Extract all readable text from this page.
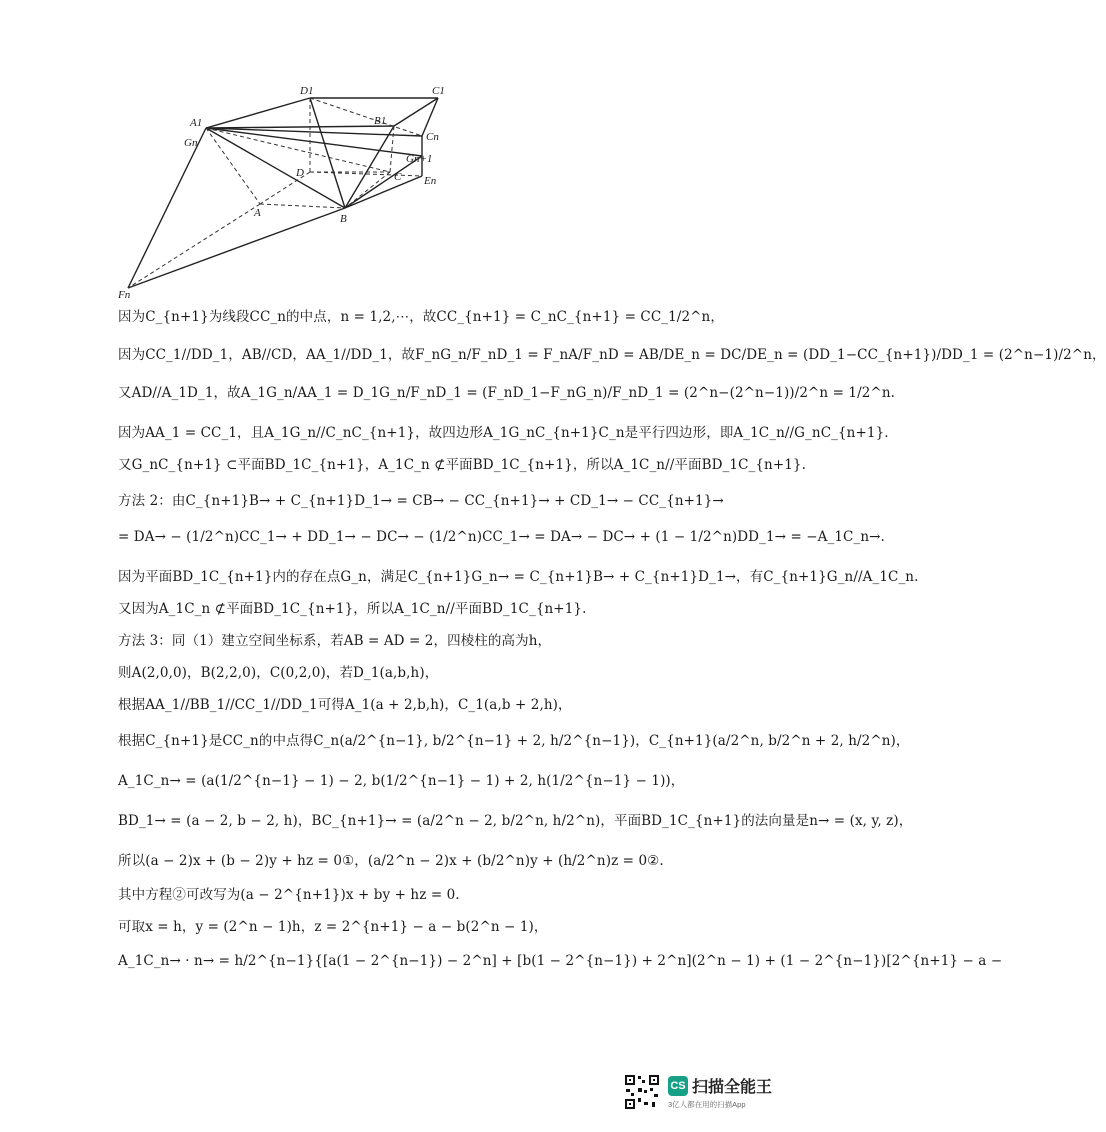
D1	C1
A1	B1
Gn	Cn
Gn+1
D	C En
A	B
Fn
因为C_{n+1}为线段CC_n的中点，n = 1,2,⋯，故CC_{n+1} = C_nC_{n+1} = CC_1/2^n，
因为CC_1//DD_1，AB//CD，AA_1//DD_1，故F_nG_n/F_nD_1 = F_nA/F_nD = AB/DE_n = DC/DE_n = (DD_1−CC_{n+1})/DD_1 = (2^n−1)/2^n，
又AD//A_1D_1，故A_1G_n/AA_1 = D_1G_n/F_nD_1 = (F_nD_1−F_nG_n)/F_nD_1 = (2^n−(2^n−1))/2^n = 1/2^n.
因为AA_1 = CC_1，且A_1G_n//C_nC_{n+1}，故四边形A_1G_nC_{n+1}C_n是平行四边形，即A_1C_n//G_nC_{n+1}.
又G_nC_{n+1} ⊂平面BD_1C_{n+1}，A_1C_n ⊄平面BD_1C_{n+1}，所以A_1C_n//平面BD_1C_{n+1}.
方法 2：由C_{n+1}B→ + C_{n+1}D_1→ = CB→ − CC_{n+1}→ + CD_1→ − CC_{n+1}→
= DA→ − (1/2^n)CC_1→ + DD_1→ − DC→ − (1/2^n)CC_1→ = DA→ − DC→ + (1 − 1/2^n)DD_1→ = −A_1C_n→.
因为平面BD_1C_{n+1}内的存在点G_n，满足C_{n+1}G_n→ = C_{n+1}B→ + C_{n+1}D_1→，有C_{n+1}G_n//A_1C_n.
又因为A_1C_n ⊄平面BD_1C_{n+1}，所以A_1C_n//平面BD_1C_{n+1}.
方法 3：同（1）建立空间坐标系，若AB = AD = 2，四棱柱的高为h，
则A(2,0,0)，B(2,2,0)，C(0,2,0)，若D_1(a,b,h)，
根据AA_1//BB_1//CC_1//DD_1可得A_1(a + 2,b,h)，C_1(a,b + 2,h)，
根据C_{n+1}是CC_n的中点得C_n(a/2^{n−1}, b/2^{n−1} + 2, h/2^{n−1})，C_{n+1}(a/2^n, b/2^n + 2, h/2^n)，
A_1C_n→ = (a(1/2^{n−1} − 1) − 2, b(1/2^{n−1} − 1) + 2, h(1/2^{n−1} − 1))，
BD_1→ = (a − 2, b − 2, h)，BC_{n+1}→ = (a/2^n − 2, b/2^n, h/2^n)，平面BD_1C_{n+1}的法向量是n→ = (x, y, z)，
所以(a − 2)x + (b − 2)y + hz = 0①，(a/2^n − 2)x + (b/2^n)y + (h/2^n)z = 0②.
其中方程②可改写为(a − 2^{n+1})x + by + hz = 0.
可取x = h，y = (2^n − 1)h，z = 2^{n+1} − a − b(2^n − 1)，
A_1C_n→ · n→ = h/2^{n−1}{[a(1 − 2^{n−1}) − 2^n] + [b(1 − 2^{n−1}) + 2^n](2^n − 1) + (1 − 2^{n−1})[2^{n+1} − a −
CS 扫描全能王
3亿人都在用的扫描App
